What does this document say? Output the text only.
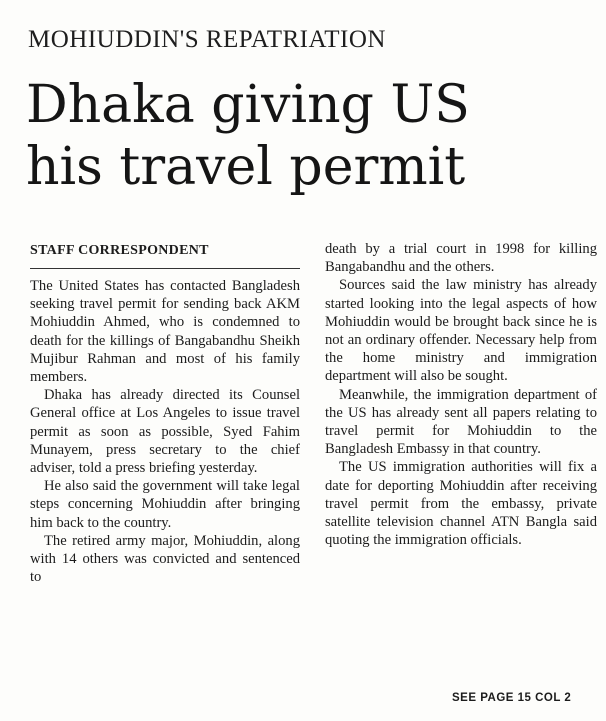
MOHIUDDIN'S REPATRIATION
Dhaka giving US
his travel permit
STAFF CORRESPONDENT

The United States has contacted Bangladesh seeking travel permit for sending back AKM Mohiuddin Ahmed, who is condemned to death for the killings of Bangabandhu Sheikh Mujibur Rahman and most of his family members.

Dhaka has already directed its Counsel General office at Los Angeles to issue travel permit as soon as possible, Syed Fahim Munayem, press secretary to the chief adviser, told a press briefing yesterday.

He also said the government will take legal steps concerning Mohiuddin after bringing him back to the country.

The retired army major, Mohiuddin, along with 14 others was convicted and sentenced to

death by a trial court in 1998 for killing Bangabandhu and the others.

Sources said the law ministry has already started looking into the legal aspects of how Mohiuddin would be brought back since he is not an ordinary offender. Necessary help from the home ministry and immigration department will also be sought.

Meanwhile, the immigration department of the US has already sent all papers relating to travel permit for Mohiuddin to the Bangladesh Embassy in that country.

The US immigration authorities will fix a date for deporting Mohiuddin after receiving travel permit from the embassy, private satellite television channel ATN Bangla said quoting the immigration officials.

SEE PAGE 15 COL 2
